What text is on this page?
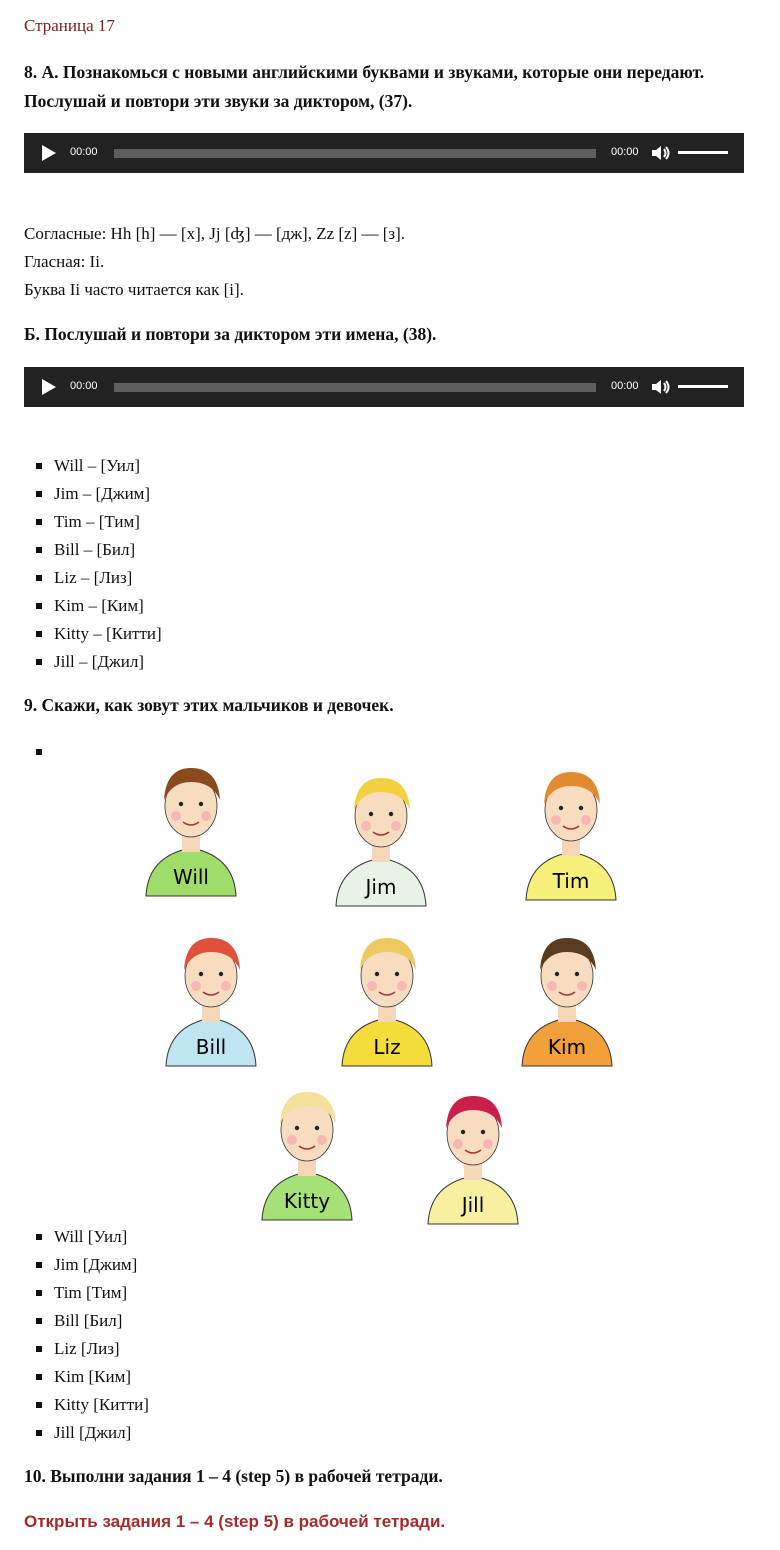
Страница 17
8. А. Познакомься с новыми английскими буквами и звуками, которые они передают. Послушай и повтори эти звуки за диктором, (37).
00:00	00:00
Согласные: Hh [h] — [х], Jj [ʤ] — [дж], Zz [z] — [з].
Гласная: Ii.
Буква Ii часто читается как [i].
Б. Послушай и повтори за диктором эти имена, (38).
00:00	00:00
Will – [Уил]
Jim – [Джим]
Tim – [Тим]
Bill – [Бил]
Liz – [Лиз]
Kim – [Ким]
Kitty – [Китти]
Jill – [Джил]
9. Скажи, как зовут этих мальчиков и девочек.
Will	Jim	Tim
Bill	Liz	Kim
Kitty	Jill
Will [Уил]
Jim [Джим]
Tim [Тим]
Bill [Бил]
Liz [Лиз]
Kim [Ким]
Kitty [Китти]
Jill [Джил]
10. Выполни задания 1 – 4 (step 5) в рабочей тетради.
Открыть задания 1 – 4 (step 5) в рабочей тетради.
